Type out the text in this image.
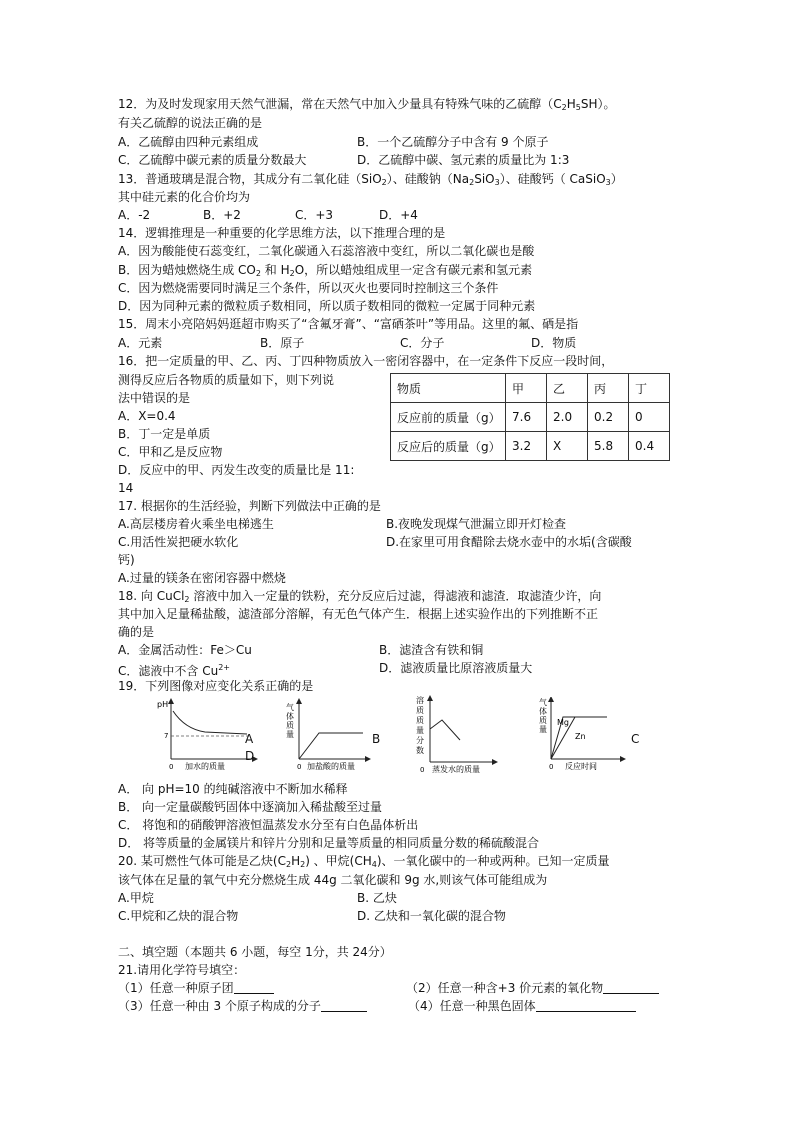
12．为及时发现家用天然气泄漏，常在天然气中加入少量具有特殊气味的乙硫醇$(C_2H_5SH)$。
有关乙硫醇的说法正确的是
A．乙硫醇由四种元素组成	B．一个乙硫醇分子中含有 9 个原子
C．乙硫醇中碳元素的质量分数最大	D．乙硫醇中碳、氢元素的质量比为 1:3
13．普通玻璃是混合物，其成分有二氧化硅（SiO$_2$）、硅酸钠$(Na_2SiO_3)$、硅酸钙（ CaSiO$_3$）
其中硅元素的化合价均为
A．-2	B．+2	C．+3	D．+4
14．逻辑推理是一种重要的化学思维方法，以下推理合理的是
A．因为酸能使石蕊变红，二氧化碳通入石蕊溶液中变红，所以二氧化碳也是酸
B．因为蜡烛燃烧生成 $CO_2$ 和 $H_2O$，所以蜡烛组成里一定含有碳元素和氢元素
C．因为燃烧需要同时满足三个条件，所以灭火也要同时控制这三个条件
D．因为同种元素的微粒质子数相同，所以质子数相同的微粒一定属于同种元素
15．周末小亮陪妈妈逛超市购买了“含氟牙膏”、“富硒茶叶”等用品。这里的氟、硒是指
A．元素	B．原子	C．分子	D．物质
16．把一定质量的甲、乙、丙、丁四种物质放入一密闭容器中，在一定条件下反应一段时间，
测得反应后各物质的质量如下，则下列说
法中错误的是
A．X=0.4
B．丁一定是单质
C．甲和乙是反应物
D．反应中的甲、丙发生改变的质量比是 11:
14
物质	甲	乙	丙	丁
反应前的质量（g）	7.6	2.0	0.2	0
反应后的质量（g）	3.2	X	5.8	0.4
17. 根据你的生活经验，判断下列做法中正确的是
A.高层楼房着火乘坐电梯逃生	B.夜晚发现煤气泄漏立即开灯检查
C.用活性炭把硬水软化	D.在家里可用食醋除去烧水壶中的水垢(含碳酸
钙)
A.过量的镁条在密闭容器中燃烧
18. 向 CuCl$_2$ 溶液中加入一定量的铁粉，充分反应后过滤，得滤液和滤渣．取滤渣少许，向
其中加入足量稀盐酸，滤渣部分溶解，有无色气体产生．根据上述实验作出的下列推断不正
确的是
A．金属活动性：Fe＞Cu	B．滤渣含有铁和铜
C．滤液中不含 $Cu^{2+}$	D．滤液质量比原溶液质量大
19．下列图像对应变化关系正确的是
pH
7
0 加水的质量
A
D
气 体 质 量
0 加盐酸的质量
B
溶 质 质 量 分 数
0 蒸发水的质量
气 体 质 量
Mg
Zn
0 反应时间
C
A． 向 pH=10 的纯碱溶液中不断加水稀释
B． 向一定量碳酸钙固体中逐滴加入稀盐酸至过量
C． 将饱和的硝酸钾溶液恒温蒸发水分至有白色晶体析出
D． 将等质量的金属镁片和锌片分别和足量等质量的相同质量分数的稀硫酸混合
20. 某可燃性气体可能是乙炔$(C_2H_2)$ 、甲烷$(CH_4)$、一氧化碳中的一种或两种。已知一定质量
该气体在足量的氧气中充分燃烧生成 44g 二氧化碳和 9g 水,则该气体可能组成为
A.甲烷	B. 乙炔
C.甲烷和乙炔的混合物	D. 乙炔和一氧化碳的混合物
二、填空题（本题共 6 小题，每空 1分，共 24分）
21.请用化学符号填空：
（1）任意一种原子团	（2）任意一种含+3 价元素的氧化物
（3）任意一种由 3 个原子构成的分子	（4）任意一种黑色固体
